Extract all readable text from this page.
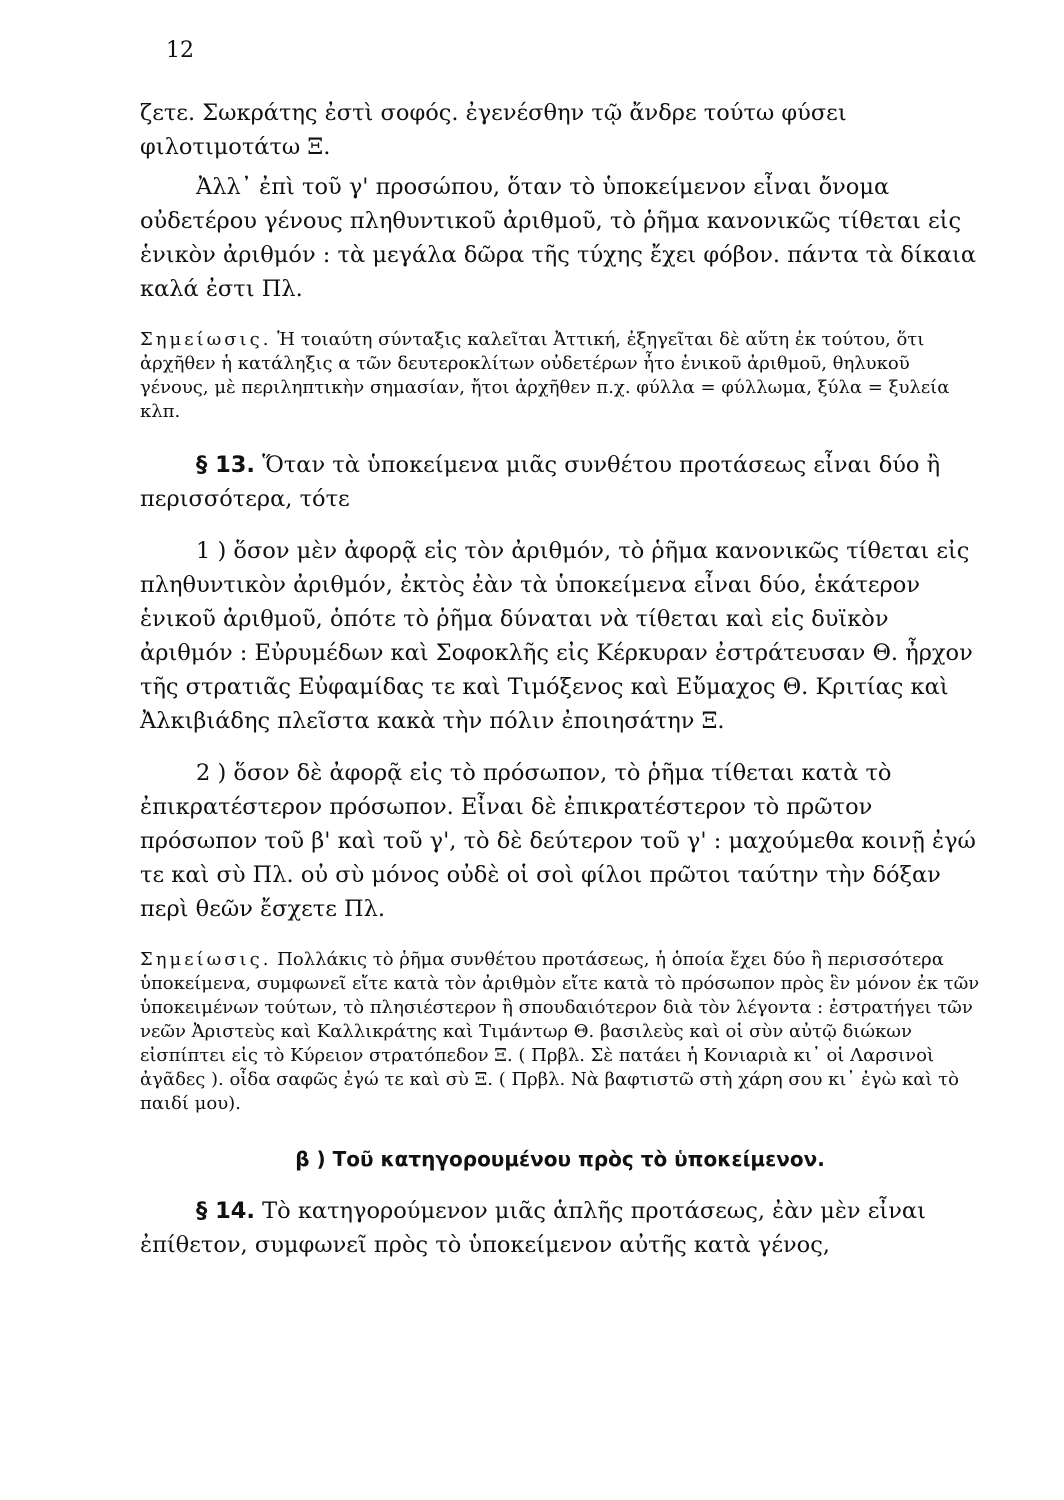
12

ζετε. Σωκράτης ἐστὶ σοφός. ἐγενέσθην τῷ ἄνδρε τούτω φύσει φιλοτιμοτάτω Ξ.

Ἀλλ᾽ ἐπὶ τοῦ γ' προσώπου, ὅταν τὸ ὑποκείμενον εἶναι ὄνομα οὐδετέρου γένους πληθυντικοῦ ἀριθμοῦ, τὸ ῥῆμα κανονικῶς τίθεται εἰς ἑνικὸν ἀριθμόν : τὰ μεγάλα δῶρα τῆς τύχης ἔχει φόβον. πάντα τὰ δίκαια καλά ἐστι Πλ.

Σημείωσις. Ἡ τοιαύτη σύνταξις καλεῖται Ἀττική, ἐξηγεῖται δὲ αὕτη ἐκ τούτου, ὅτι ἀρχῆθεν ἡ κατάληξις α τῶν δευτεροκλίτων οὐδετέρων ἦτο ἑνικοῦ ἀριθμοῦ, θηλυκοῦ γένους, μὲ περιληπτικὴν σημασίαν, ἤτοι ἀρχῆθεν π.χ. φύλλα = φύλλωμα, ξύλα = ξυλεία κλπ.

§ 13. Ὅταν τὰ ὑποκείμενα μιᾶς συνθέτου προτάσεως εἶναι δύο ἢ περισσότερα, τότε

1 ) ὅσον μὲν ἀφορᾷ εἰς τὸν ἀριθμόν, τὸ ῥῆμα κανονικῶς τίθεται εἰς πληθυντικὸν ἀριθμόν, ἐκτὸς ἐὰν τὰ ὑποκείμενα εἶναι δύο, ἑκάτερον ἑνικοῦ ἀριθμοῦ, ὁπότε τὸ ῥῆμα δύναται νὰ τίθεται καὶ εἰς δυϊκὸν ἀριθμόν : Εὐρυμέδων καὶ Σοφοκλῆς εἰς Κέρκυραν ἐστράτευσαν Θ. ἦρχον τῆς στρατιᾶς Εὐφαμίδας τε καὶ Τιμόξενος καὶ Εὔμαχος Θ. Κριτίας καὶ Ἀλκιβιάδης πλεῖστα κακὰ τὴν πόλιν ἐποιησάτην Ξ.

2 ) ὅσον δὲ ἀφορᾷ εἰς τὸ πρόσωπον, τὸ ῥῆμα τίθεται κατὰ τὸ ἐπικρατέστερον πρόσωπον. Εἶναι δὲ ἐπικρατέστερον τὸ πρῶτον πρόσωπον τοῦ β' καὶ τοῦ γ', τὸ δὲ δεύτερον τοῦ γ' : μαχούμεθα κοινῇ ἐγώ τε καὶ σὺ Πλ. οὐ σὺ μόνος οὐδὲ οἱ σοὶ φίλοι πρῶτοι ταύτην τὴν δόξαν περὶ θεῶν ἔσχετε Πλ.

Σημείωσις. Πολλάκις τὸ ῥῆμα συνθέτου προτάσεως, ἡ ὁποία ἔχει δύο ἢ περισσότερα ὑποκείμενα, συμφωνεῖ εἴτε κατὰ τὸν ἀριθμὸν εἴτε κατὰ τὸ πρόσωπον πρὸς ἓν μόνον ἐκ τῶν ὑποκειμένων τούτων, τὸ πλησιέστερον ἢ σπουδαιότερον διὰ τὸν λέγοντα : ἐστρατήγει τῶν νεῶν Ἀριστεὺς καὶ Καλλικράτης καὶ Τιμάντωρ Θ. βασιλεὺς καὶ οἱ σὺν αὐτῷ διώκων εἰσπίπτει εἰς τὸ Κύρειον στρατόπεδον Ξ. ( Πρβλ. Σὲ πατάει ἡ Κονιαριὰ κι᾽ οἱ Λαρσινοὶ ἀγᾶδες ). οἶδα σαφῶς ἐγώ τε καὶ σὺ Ξ. ( Πρβλ. Νὰ βαφτιστῶ στὴ χάρη σου κι᾽ ἐγὼ καὶ τὸ παιδί μου).

β ) Τοῦ κατηγορουμένου πρὸς τὸ ὑποκείμενον.

§ 14. Τὸ κατηγορούμενον μιᾶς ἁπλῆς προτάσεως, ἐὰν μὲν εἶναι ἐπίθετον, συμφωνεῖ πρὸς τὸ ὑποκείμενον αὐτῆς κατὰ γένος,
